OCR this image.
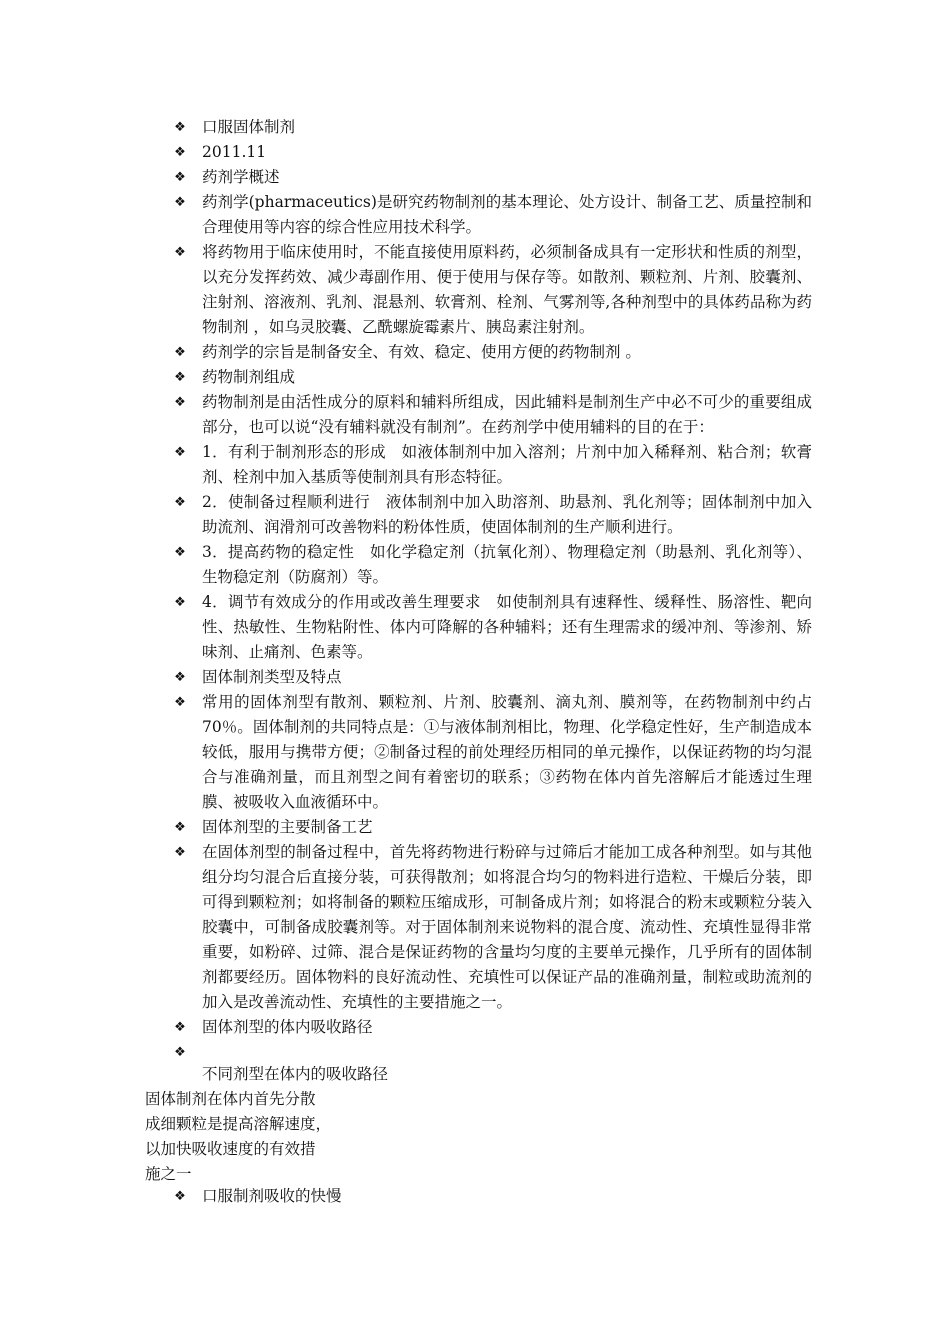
❖ 口服固体制剂
❖ 2011.11
❖ 药剂学概述
❖ 药剂学(pharmaceutics)是研究药物制剂的基本理论、处方设计、制备工艺、质量控制和合理使用等内容的综合性应用技术科学。
❖ 将药物用于临床使用时，不能直接使用原料药，必须制备成具有一定形状和性质的剂型，以充分发挥药效、减少毒副作用、便于使用与保存等。如散剂、颗粒剂、片剂、胶囊剂、注射剂、溶液剂、乳剂、混悬剂、软膏剂、栓剂、气雾剂等,各种剂型中的具体药品称为药物制剂 ，如乌灵胶囊、乙酰螺旋霉素片、胰岛素注射剂。
❖ 药剂学的宗旨是制备安全、有效、稳定、使用方便的药物制剂 。
❖ 药物制剂组成
❖ 药物制剂是由活性成分的原料和辅料所组成，因此辅料是制剂生产中必不可少的重要组成部分，也可以说“没有辅料就没有制剂”。在药剂学中使用辅料的目的在于：
❖ 1．有利于制剂形态的形成　如液体制剂中加入溶剂；片剂中加入稀释剂、粘合剂；软膏剂、栓剂中加入基质等使制剂具有形态特征。
❖ 2．使制备过程顺利进行　液体制剂中加入助溶剂、助悬剂、乳化剂等；固体制剂中加入助流剂、润滑剂可改善物料的粉体性质，使固体制剂的生产顺利进行。
❖ 3．提高药物的稳定性　如化学稳定剂（抗氧化剂）、物理稳定剂（助悬剂、乳化剂等）、生物稳定剂（防腐剂）等。
❖ 4．调节有效成分的作用或改善生理要求　如使制剂具有速释性、缓释性、肠溶性、靶向性、热敏性、生物粘附性、体内可降解的各种辅料；还有生理需求的缓冲剂、等渗剂、矫味剂、止痛剂、色素等。
❖ 固体制剂类型及特点
❖ 常用的固体剂型有散剂、颗粒剂、片剂、胶囊剂、滴丸剂、膜剂等，在药物制剂中约占 70％。固体制剂的共同特点是：①与液体制剂相比，物理、化学稳定性好，生产制造成本较低，服用与携带方便；②制备过程的前处理经历相同的单元操作，以保证药物的均匀混合与准确剂量，而且剂型之间有着密切的联系；③药物在体内首先溶解后才能透过生理膜、被吸收入血液循环中。
❖ 固体剂型的主要制备工艺
❖ 在固体剂型的制备过程中，首先将药物进行粉碎与过筛后才能加工成各种剂型。如与其他组分均匀混合后直接分装，可获得散剂；如将混合均匀的物料进行造粒、干燥后分装，即可得到颗粒剂；如将制备的颗粒压缩成形，可制备成片剂；如将混合的粉末或颗粒分装入胶囊中，可制备成胶囊剂等。对于固体制剂来说物料的混合度、流动性、充填性显得非常重要，如粉碎、过筛、混合是保证药物的含量均匀度的主要单元操作，几乎所有的固体制剂都要经历。固体物料的良好流动性、充填性可以保证产品的准确剂量，制粒或助流剂的加入是改善流动性、充填性的主要措施之一。
❖ 固体剂型的体内吸收路径
❖

不同剂型在体内的吸收路径

固体制剂在体内首先分散
成细颗粒是提高溶解速度，
以加快吸收速度的有效措
施之一

❖ 口服制剂吸收的快慢
